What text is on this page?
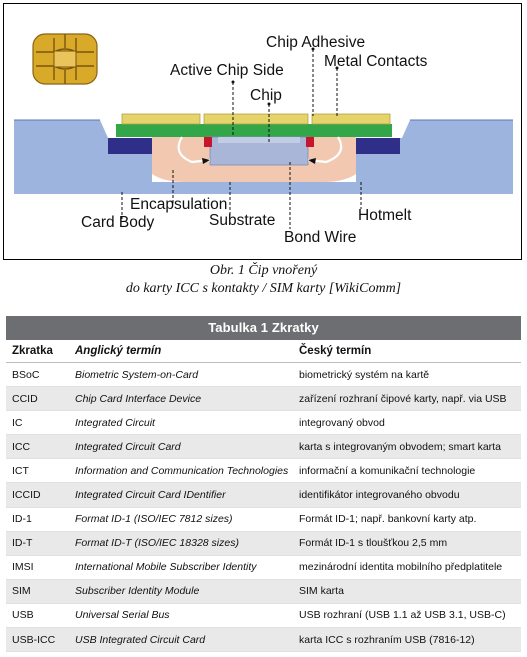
Chip Adhesive
Active Chip Side
Metal Contacts
Chip
Encapsulation
Card Body	Substrate	Hotmelt
Bond Wire
Obr. 1 Čip vnořený
do karty ICC s kontakty / SIM karty [WikiComm]
Tabulka 1 Zkratky
Zkratka	Anglický termín	Český termín
BSoC	Biometric System-on-Card	biometrický systém na kartě
CCID	Chip Card Interface Device	zařízení rozhraní čipové karty, např. via USB
IC	Integrated Circuit	integrovaný obvod
ICC	Integrated Circuit Card	karta s integrovaným obvodem; smart karta
ICT	Information and Communication Technologies	informační a komunikační technologie
ICCID	Integrated Circuit Card IDentifier	identifikátor integrovaného obvodu
ID-1	Format ID-1 (ISO/IEC 7812 sizes)	Formát ID-1; např. bankovní karty atp.
ID-T	Format ID-T (ISO/IEC 18328 sizes)	Formát ID-1 s tloušťkou 2,5 mm
IMSI	International Mobile Subscriber Identity	mezinárodní identita mobilního předplatitele
SIM	Subscriber Identity Module	SIM karta
USB	Universal Serial Bus	USB rozhraní (USB 1.1 až USB 3.1, USB-C)
USB-ICC	USB Integrated Circuit Card	karta ICC s rozhraním USB (7816-12)
